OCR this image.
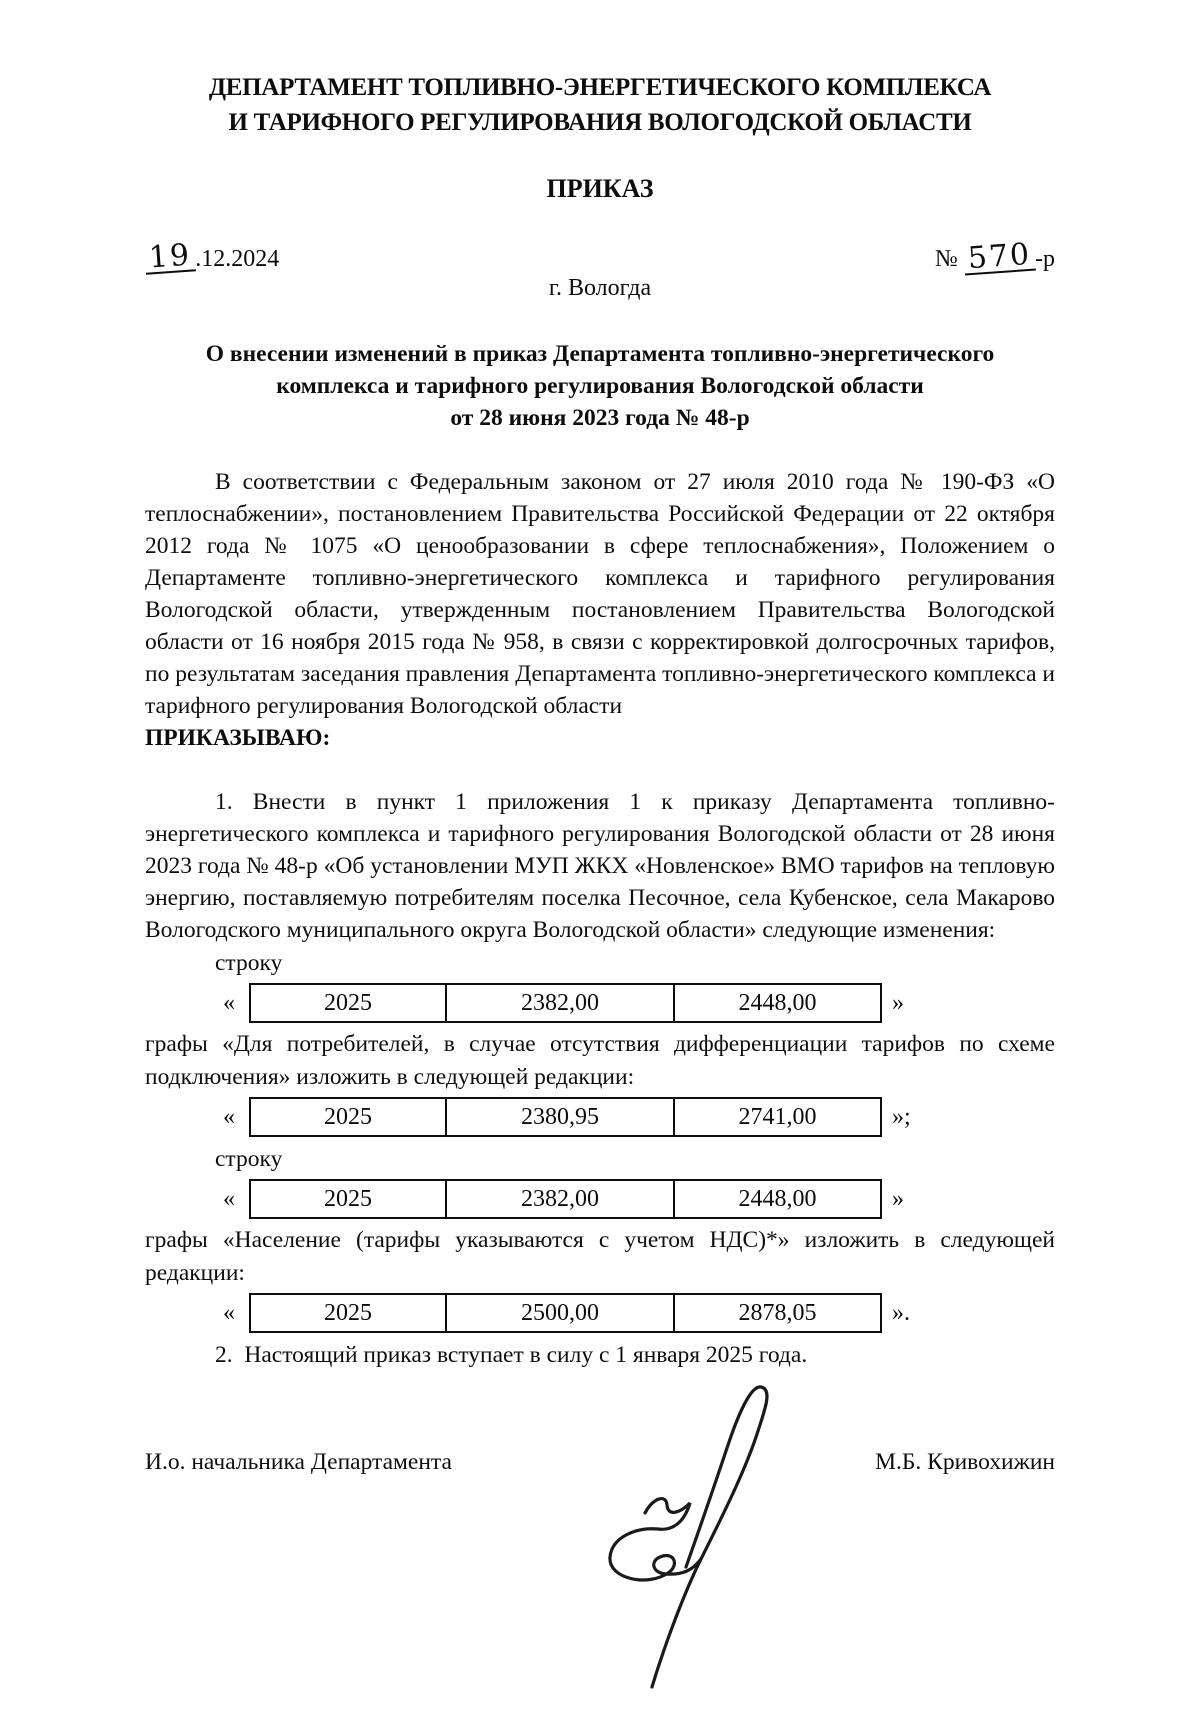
ДЕПАРТАМЕНТ ТОПЛИВНО-ЭНЕРГЕТИЧЕСКОГО КОМПЛЕКСА
И ТАРИФНОГО РЕГУЛИРОВАНИЯ ВОЛОГОДСКОЙ ОБЛАСТИ
ПРИКАЗ
19 .12.2024	№ 570 -р
г. Вологда
О внесении изменений в приказ Департамента топливно-энергетического
комплекса и тарифного регулирования Вологодской области
от 28 июня 2023 года № 48-р
В соответствии с Федеральным законом от 27 июля 2010 года № 190-ФЗ «О теплоснабжении», постановлением Правительства Российской Федерации от 22 октября 2012 года № 1075 «О ценообразовании в сфере теплоснабжения», Положением о Департаменте топливно-энергетического комплекса и тарифного регулирования Вологодской области, утвержденным постановлением Правительства Вологодской области от 16 ноября 2015 года № 958, в связи с корректировкой долгосрочных тарифов, по результатам заседания правления Департамента топливно-энергетического комплекса и тарифного регулирования Вологодской области
ПРИКАЗЫВАЮ:
1. Внести в пункт 1 приложения 1 к приказу Департамента топливно-энергетического комплекса и тарифного регулирования Вологодской области от 28 июня 2023 года № 48-р «Об установлении МУП ЖКХ «Новленское» ВМО тарифов на тепловую энергию, поставляемую потребителям поселка Песочное, села Кубенское, села Макарово Вологодского муниципального округа Вологодской области» следующие изменения:
строку
«	2025	2382,00	2448,00	»
графы «Для потребителей, в случае отсутствия дифференциации тарифов по схеме подключения» изложить в следующей редакции:
«	2025	2380,95	2741,00	»;
строку
«	2025	2382,00	2448,00	»
графы «Население (тарифы указываются с учетом НДС)*» изложить в следующей редакции:
«	2025	2500,00	2878,05	».
2.  Настоящий приказ вступает в силу с 1 января 2025 года.
И.о. начальника Департамента	М.Б. Кривохижин
